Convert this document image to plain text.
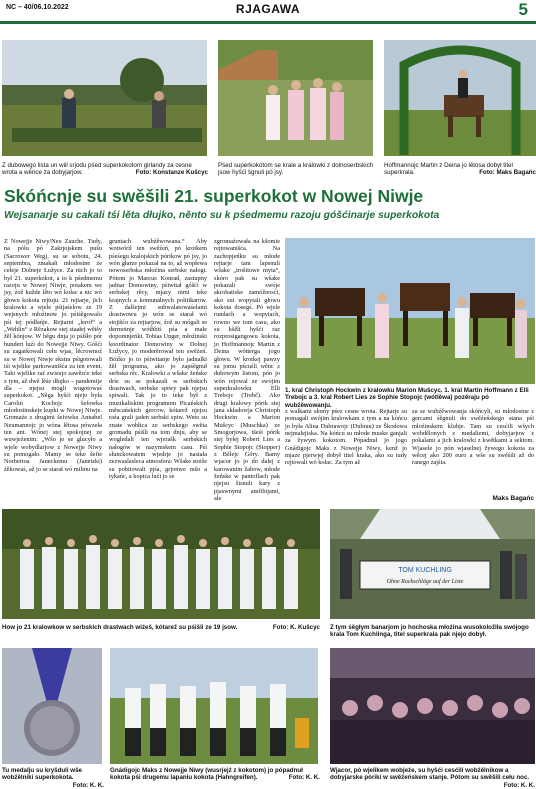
NC – 40/06.10.2022	RJAGAWA	5
Z dubowego lista un wiil srjodu pśed superkokotom girlandy za cesne wrota a wěnce za dobyjarjow.	Foto: Konstanze Kušcyc
Pśed superkokotom se krale a kralowki z dolnoserbskich jsow hyšći šgnuli pó jsy.
Hoffmannojc Martin z Deina jo lětosa dobył titel superkrala.	Foto: Maks Bagańc
Skóńcnje su swěšili 21. superkokot w Nowej Niwje
Wejsanarje su cakali tśi lěta dłujko, něnto su k pśedmemu razoju góšćinarje superkokota
Z Nowejje Niwy/Neu Zauche. Tudy, na pólu pó Zakrjojskem pušu (Sacrower Weg), su se sobotu, 24. septembra, zmakali młodostne ze cełeje Dolneje Łužyce. Za nich jo to był 21. superkokot, a to k pśedmemu razoju w Nowej Niwje, potakem we jsy, źož kužde lěto wó kołac a nic wó głowu kokota rejtuju. 21 rejtarje, jich kralowki a wjele pśijaśelow ze 19 wejsnych młoźinow jo pśiśěgowalo pśi tej pódłańje. Rejtarni „lerof“ a „Wehlin“ z Rězakow stej staałej wětšy žěl kónjow. W běgu dnja jo pśišło pór hundert luźi do Nowejje Niwy. Góšći su zagarkowali cełu wjas, lěcrownoź su w Nowej Niwje ekstra pśigotowali tśi wjelike parkowanišća za ten event. Taki wjelike raź zwisujo zawězće teke z tym, až dwě lěśe dłujko – pandemije dla – njejsu mogli wugotowaś superkokot. „Něga hyšći njejo była Carolin Kochojc šefowka młodostinskeje kupki w Nowej Niwje. Gromaźe z drugimi šefowku Annabel Neumannojc jo wóna lětosa pówzeła ten ant. Wónej stej spokojnej ze wuwjeźenim: „Wšo jo se glucyło a wjele wobydlarjow z Nowejje Niwy su pomogało. Mamy se teke šefie Norbertoa Janeckemu (Janetzki) źěkowaś, až jo se starał wó milinu na
gruntach wubźěwowana.“ Aby wotwóril ten swěźeń, pó krotkem pśeśegu kralojskich pórikow pó jsy, jo wón głarze pokazał na to, až wopłewa nowoserbska młoźina serbske nałogi. Pótom jo Marcus Konrad, zastupny jadnar Domowiny, pśiwitał góšći w serbskej rěcy, mjazy nimi teke krajnych a komunalnych politikarow. Z dalšejmi subwalatowaśelami drastwowu jo wón se starał wó stojišćo za rejtarjow, źož su mógali se dermotnje wóthbiś pśa a małe dopomnjeńki. Tobias Unger, młoźinski koordinator Domowiny w Dolnej Łužycy, jo moderěrował ten swěźeń. Bóźko jo to pśiwitanje było jadnalki žěl programa, ako jo zapśěgnuł serbska rěc. Kralowki a wšake žeńske dríe su se pokazali w serbskich drastwach, serbske spiwy pak njejsu spiwali. Tak jo to teke był z muzikaliskim programom Picańskich měscańskich gercow, kótarež njejsu raźa grali jaden serbski spiw. Weto su znate wobłica ze serbskego swěta gromadu pśišli na tom dnju, aby se wogledali ten wjerašk serbskich nałogów w nazymskem casu. Pśi słunckowatem wjedrje jo nastała zezwaslasleca atmosfera: Wšake stoiše su pobitowali pjśa, grjonwe mšo a tykańc, a kopica luźi jo se
zgromaźowała na kšomie rejtowanišća. Na zachopjeńku su młode rejtarje tam lapsnuli wšake „trošitowe myta“, skóro pak su wšake pokazali swóje akrobatiske zamóžnosći, ako sui wopytali głowu kokota dosegś. Pó wjele rundach a wopytach, rowno we tom casu, ako su kšěli hyšći raz rozprosigangowu kokota, jo Hoffmannojc Martin z Deina wótterga jogo głowu. W krotkej pawzy su jomu pścuśli wěnc z dubowym listom, pón jo wón rejowal ze swojim superkralowku Elli Trebojc (Trebč). Ako drugi kralowy pórik stej jana składowja Christoph Hockwin a Marion Mušcyc (Muschka) ze Smogorjowa, tšeśi pórik stej byłej Robert Lies a Sophie Stopojc (Stopper) z Bělejc Góry. Bamy wjacor jo jo do dalej z karowanim žabow, młode žeńske w pantoflach pak njejsu šisnuli kary z pjaswnymi amfibijami, ale
1. kral Christoph Hockwin z kralowku Marion Mušcyc. 1. kral Martin Hoffmann z Elli Trebojc a 3. kral Robert Lies ze Sophie Stopojc (wótlěwa) pozěraju pó wubźěwowanju.
z walkami słomy pśez cesne wrota. Rejtarje su pomagali swójim kralowkam z tym a na kóńcu jo była Alina Dubrawojc (Dubrau) ze Škodowa nejmalejiska. Na kóńcu su młode muske ganjali za žywym kokotom. Pópadnuł jo jogo Gnádigojc Maks z Nowejje Niwy, kenž jo mjaze pjerwjej dobył titel kraka, ako su tudy rejtowali wó kołac. Za tym až
su se wubźěwowanja skóńcyli, su młodostne z gercami śěgnuli do swěźeńskego stana pśi młoźinskem klubje. Tam su cesćili wšych wobdělonych z medaliemi, dobyjarjow z pokalami a jich kralowki z kwětkami a sektom. Wjasele jo pón wjaselnej žywego kokota za wěcej ako 200 euro a wše su swěśili až do ranego zajśia.
Maks Bagańc
How jo 21 kralowkow w serbskich drastwach wiźeš, kótarež su pśišli ze 19 jsow.	Foto: K. Kušcyc
TOM KUCHLING
Ohne Ruckschläge auf der Liste
Z tym śěgłym banarjom jo hochoska młoźina wusokoložiła swójogo krala Tom Kuchlinga, titel superkrala pak njejo dobył.
Tu medalju su kryšduli wše wobźělniki superkokota.
Foto: K. K.
Gnádigojc Maks z Nowejje Niwy (wusrjejź z kokotom) jo pópadnuł kokota pśi drugemu lapaniu kokota (Hahngreifen).	Foto: K. K.
Wjacor, pó wjelikem wobjeźe, su hyšći cesćili wobźělnikow a dobyjarskе póriki w swěźeńskem stanje. Pótom su swěšili cełu noc.
Foto: K. K.
